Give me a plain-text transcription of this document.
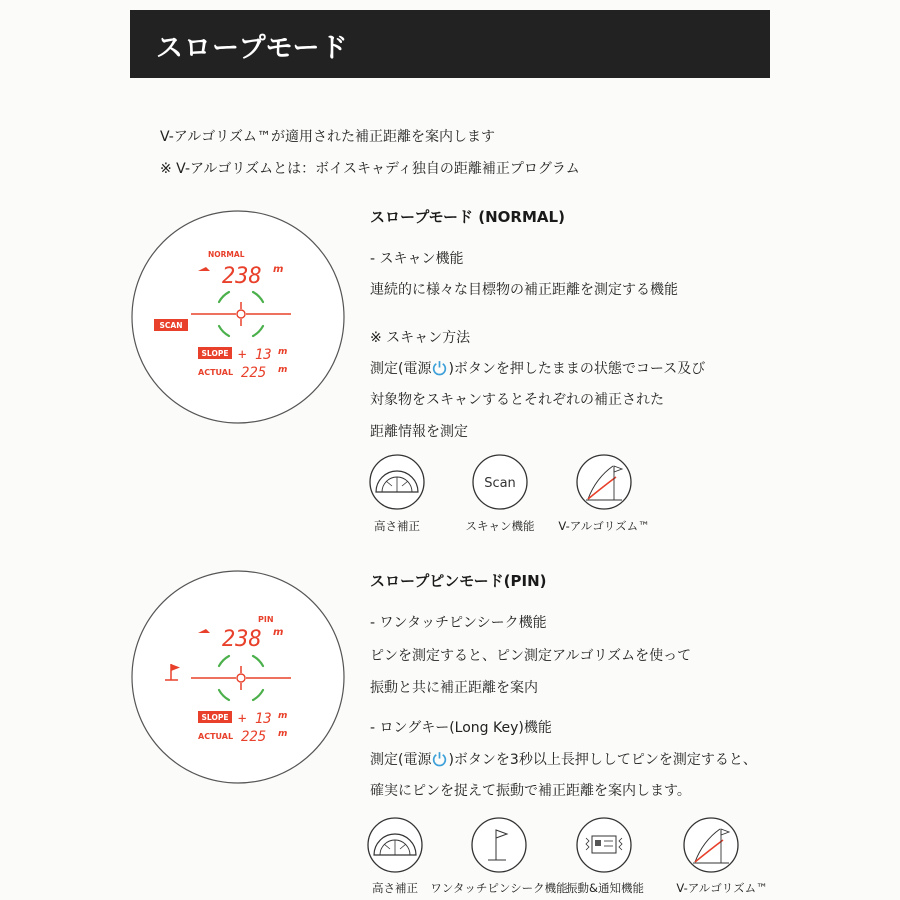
スロープモード
V-アルゴリズム™が適用された補正距離を案内します
※ V-アルゴリズムとは：ボイスキャディ独自の距離補正プログラム
NORMAL
238 m
SCAN
SLOPE + 13 m
ACTUAL 225 m
PIN
238 m
SLOPE + 13 m
ACTUAL 225 m
Scan
スロープモード (NORMAL)
- スキャン機能
連続的に様々な目標物の補正距離を測定する機能
※ スキャン方法
測定(電源 )ボタンを押したままの状態でコース及び
対象物をスキャンするとそれぞれの補正された
距離情報を測定
高さ補正	スキャン機能	V-アルゴリズム™
スロープピンモード(PIN)
- ワンタッチピンシーク機能
ピンを測定すると、ピン測定アルゴリズムを使って
振動と共に補正距離を案内
- ロングキー(Long Key)機能
測定(電源 )ボタンを3秒以上長押ししてピンを測定すると、
確実にピンを捉えて振動で補正距離を案内します。
高さ補正	ワンタッチピンシーク機能
振動&通知機能	V-アルゴリズム™
